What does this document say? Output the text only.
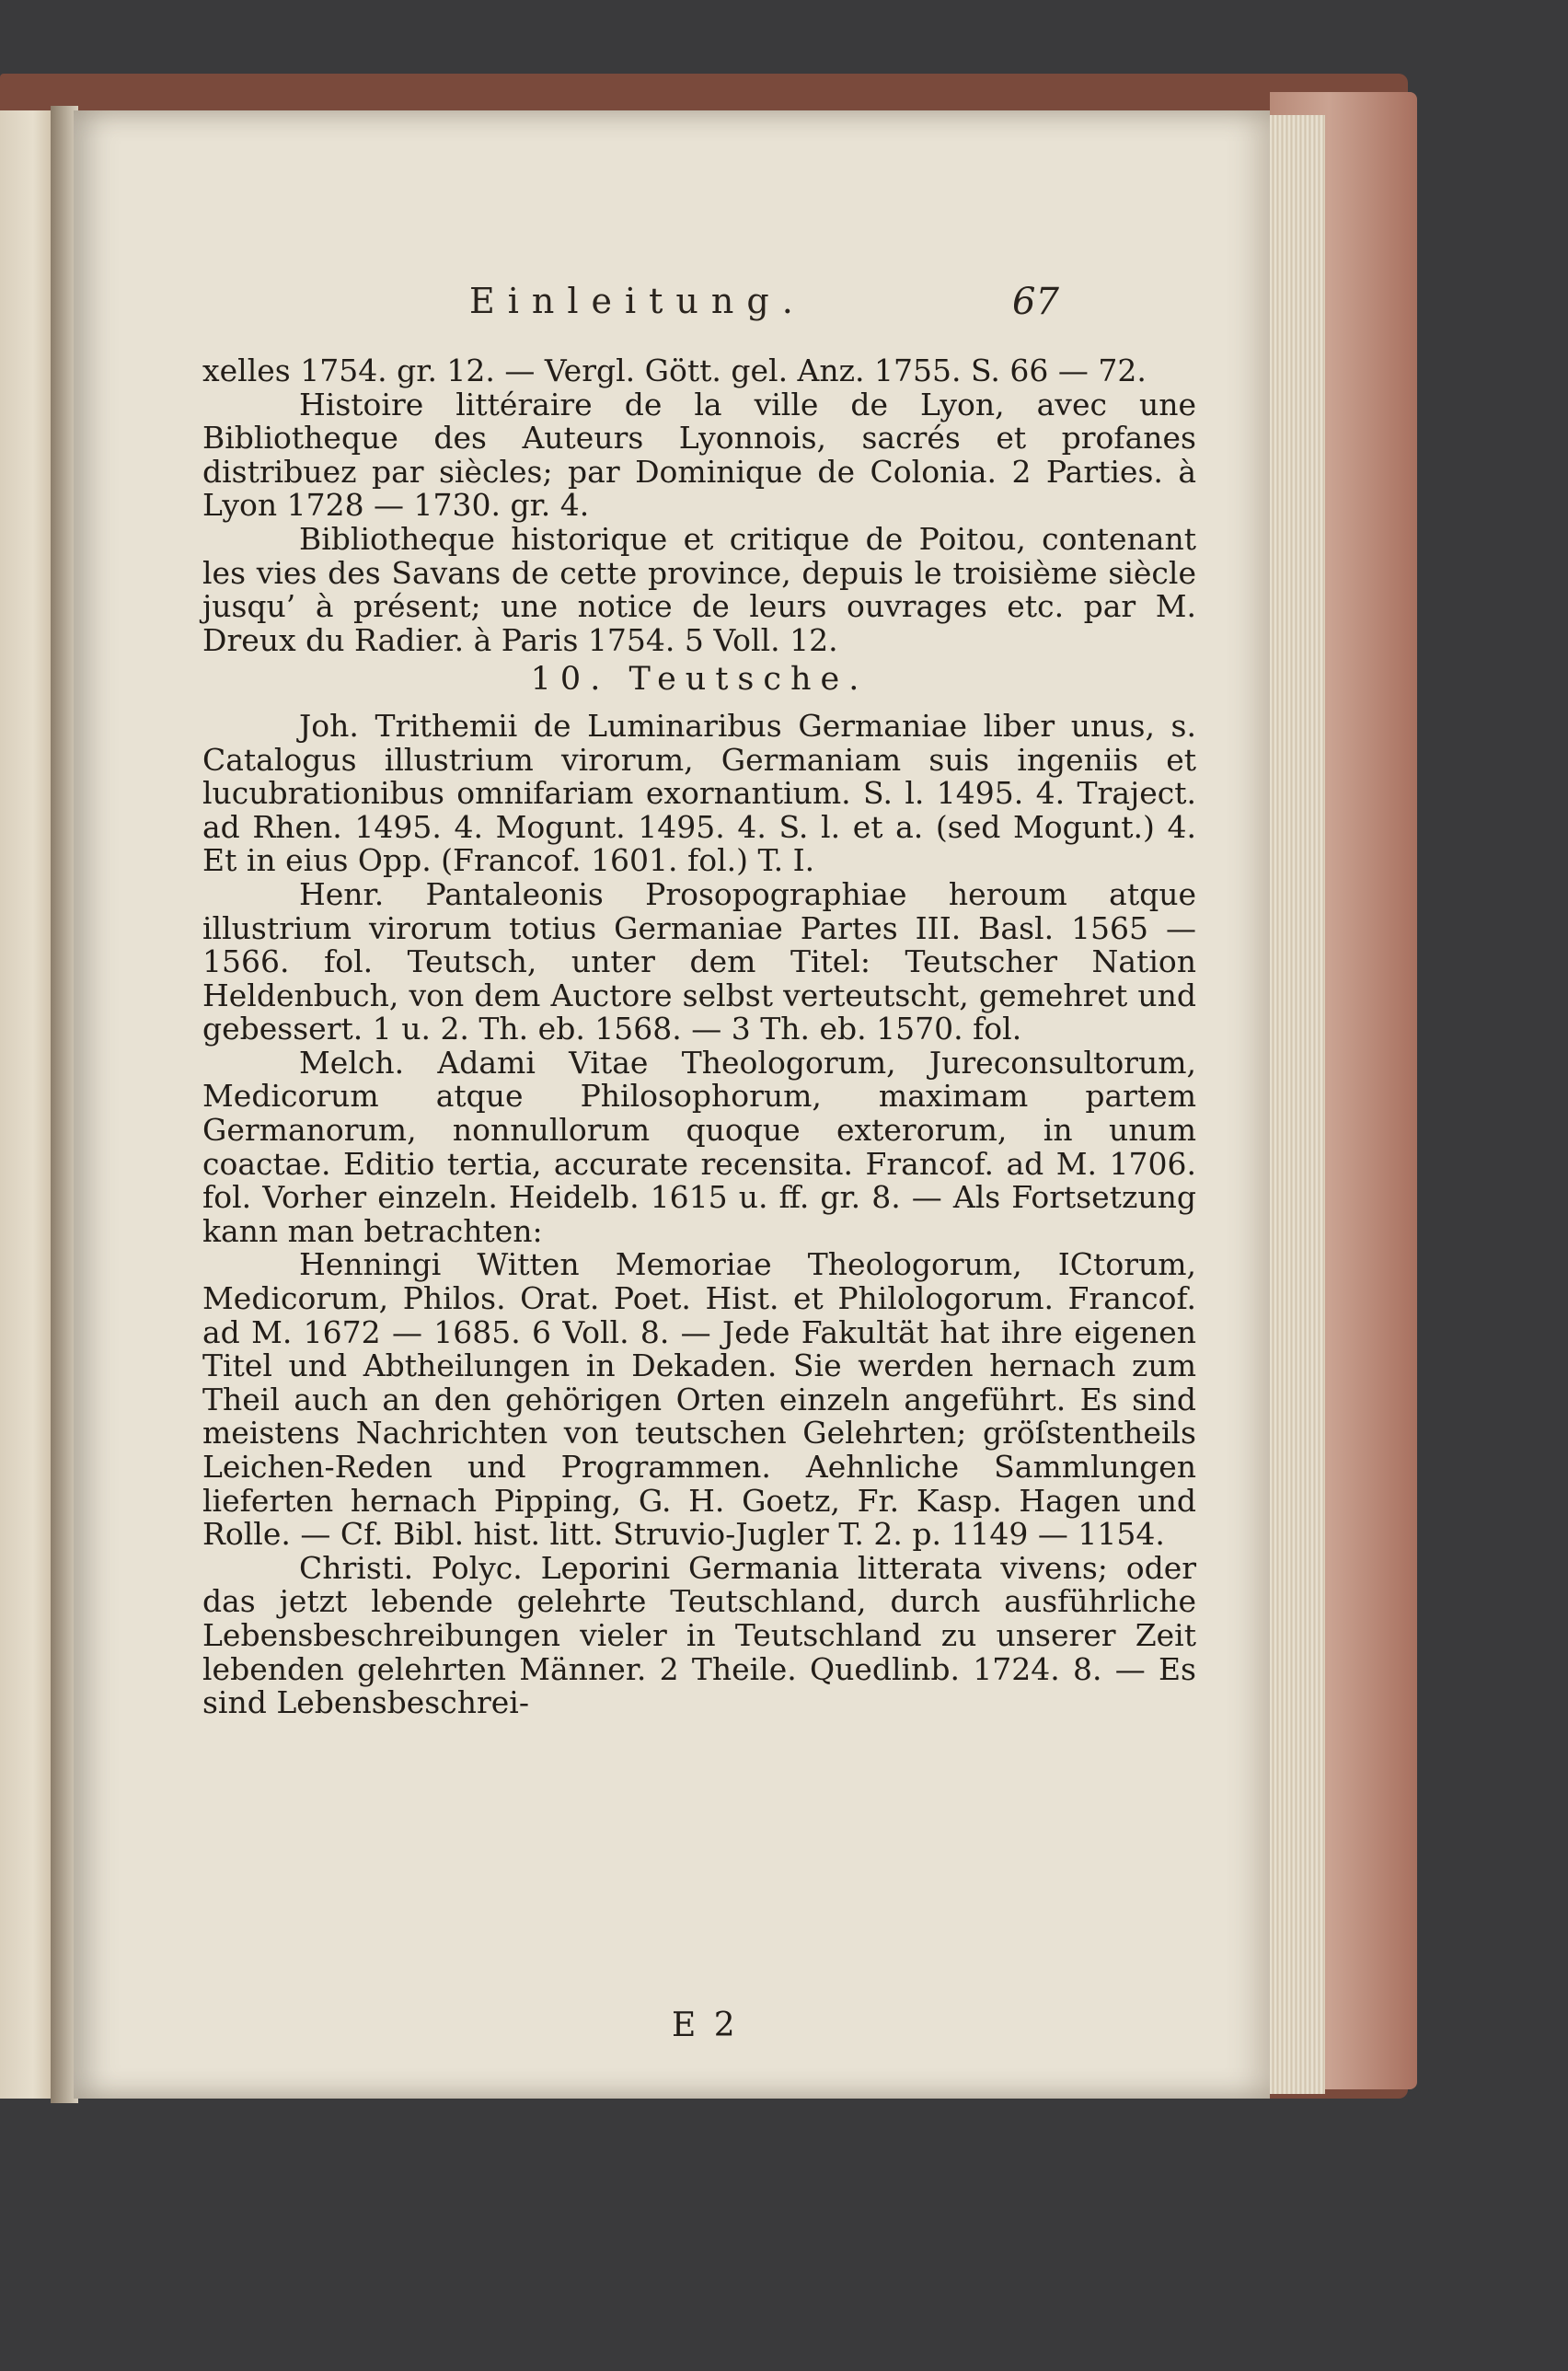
Einleitung.	67

xelles 1754. gr. 12. — Vergl. Gött. gel. Anz. 1755. S. 66 — 72.

Histoire littéraire de la ville de Lyon, avec une Bibliotheque des Auteurs Lyonnois, sacrés et profanes distribuez par siècles; par Dominique de Colonia. 2 Parties. à Lyon 1728 — 1730. gr. 4.

Bibliotheque historique et critique de Poitou, contenant les vies des Savans de cette province, depuis le troisième siècle jusqu’ à présent; une notice de leurs ouvrages etc. par M. Dreux du Radier. à Paris 1754. 5 Voll. 12.

10. Teutsche.

Joh. Trithemii de Luminaribus Germaniae liber unus, s. Catalogus illustrium virorum, Germaniam suis ingeniis et lucubrationibus omnifariam exornantium. S. l. 1495. 4. Traject. ad Rhen. 1495. 4. Mogunt. 1495. 4. S. l. et a. (sed Mogunt.) 4. Et in eius Opp. (Francof. 1601. fol.) T. I.

Henr. Pantaleonis Prosopographiae heroum atque illustrium virorum totius Germaniae Partes III. Basl. 1565 — 1566. fol. Teutsch, unter dem Titel: Teutscher Nation Heldenbuch, von dem Auctore selbst verteutscht, gemehret und gebessert. 1 u. 2. Th. eb. 1568. — 3 Th. eb. 1570. fol.

Melch. Adami Vitae Theologorum, Jureconsultorum, Medicorum atque Philosophorum, maximam partem Germanorum, nonnullorum quoque exterorum, in unum coactae. Editio tertia, accurate recensita. Francof. ad M. 1706. fol. Vorher einzeln. Heidelb. 1615 u. ff. gr. 8. — Als Fortsetzung kann man betrachten:

Henningi Witten Memoriae Theologorum, ICtorum, Medicorum, Philos. Orat. Poet. Hist. et Philologorum. Francof. ad M. 1672 — 1685. 6 Voll. 8. — Jede Fakultät hat ihre eigenen Titel und Abtheilungen in Dekaden. Sie werden hernach zum Theil auch an den gehörigen Orten einzeln angeführt. Es sind meistens Nachrichten von teutschen Gelehrten; gröſstentheils Leichen-Reden und Programmen. Aehnliche Sammlungen lieferten hernach Pipping, G. H. Goetz, Fr. Kasp. Hagen und Rolle. — Cf. Bibl. hist. litt. Struvio-Jugler T. 2. p. 1149 — 1154.

Christi. Polyc. Leporini Germania litterata vivens; oder das jetzt lebende gelehrte Teutschland, durch ausführliche Lebensbeschreibungen vieler in Teutschland zu unserer Zeit lebenden gelehrten Männer. 2 Theile. Quedlinb. 1724. 8. — Es sind Lebensbeschrei-

E 2
